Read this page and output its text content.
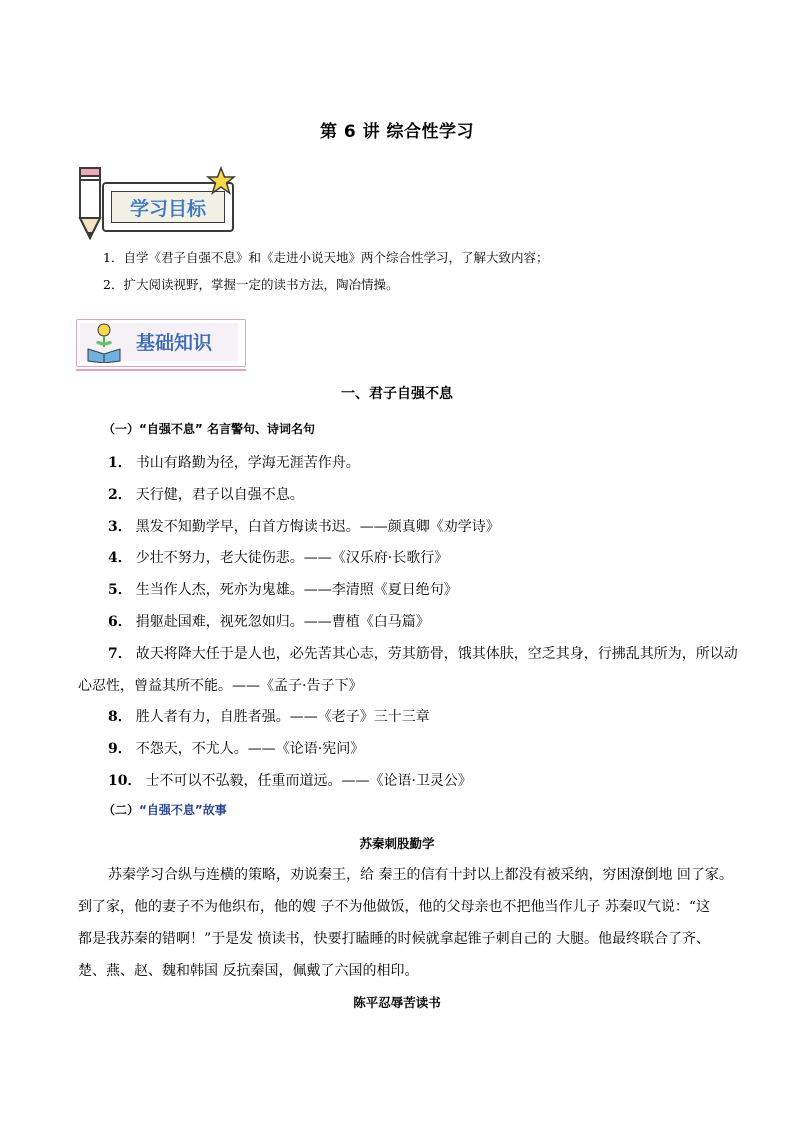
第 6 讲 综合性学习
学习目标
1．自学《君子自强不息》和《走进小说天地》两个综合性学习，了解大致内容；
2．扩大阅读视野，掌握一定的读书方法，陶冶情操。
基础知识
一、君子自强不息
（一）“自强不息” 名言警句、诗词名句
1． 书山有路勤为径，学海无涯苦作舟。
2． 天行健，君子以自强不息。
3． 黑发不知勤学早，白首方悔读书迟。——颜真卿《劝学诗》
4． 少壮不努力，老大徒伤悲。——《汉乐府·长歌行》
5． 生当作人杰，死亦为鬼雄。——李清照《夏日绝句》
6． 捐躯赴国难，视死忽如归。——曹植《白马篇》
7． 故天将降大任于是人也，必先苦其心志，劳其筋骨，饿其体肤，空乏其身，行拂乱其所为，所以动
心忍性，曾益其所不能。——《孟子·告子下》
8． 胜人者有力，自胜者强。——《老子》三十三章
9． 不怨天，不尤人。——《论语·宪问》
10． 士不可以不弘毅，任重而道远。——《论语·卫灵公》
（二）“自强不息”故事
苏秦刺股勤学
苏秦学习合纵与连横的策略，劝说秦王，给 秦王的信有十封以上都没有被采纳，穷困潦倒地 回了家。
到了家，他的妻子不为他织布，他的嫂 子不为他做饭，他的父母亲也不把他当作儿子 苏秦叹气说：“这
都是我苏秦的错啊！”于是发 愤读书，快要打瞌睡的时候就拿起锥子刺自己的 大腿。他最终联合了齐、
楚、燕、赵、魏和韩国 反抗秦国，佩戴了六国的相印。
陈平忍辱苦读书
